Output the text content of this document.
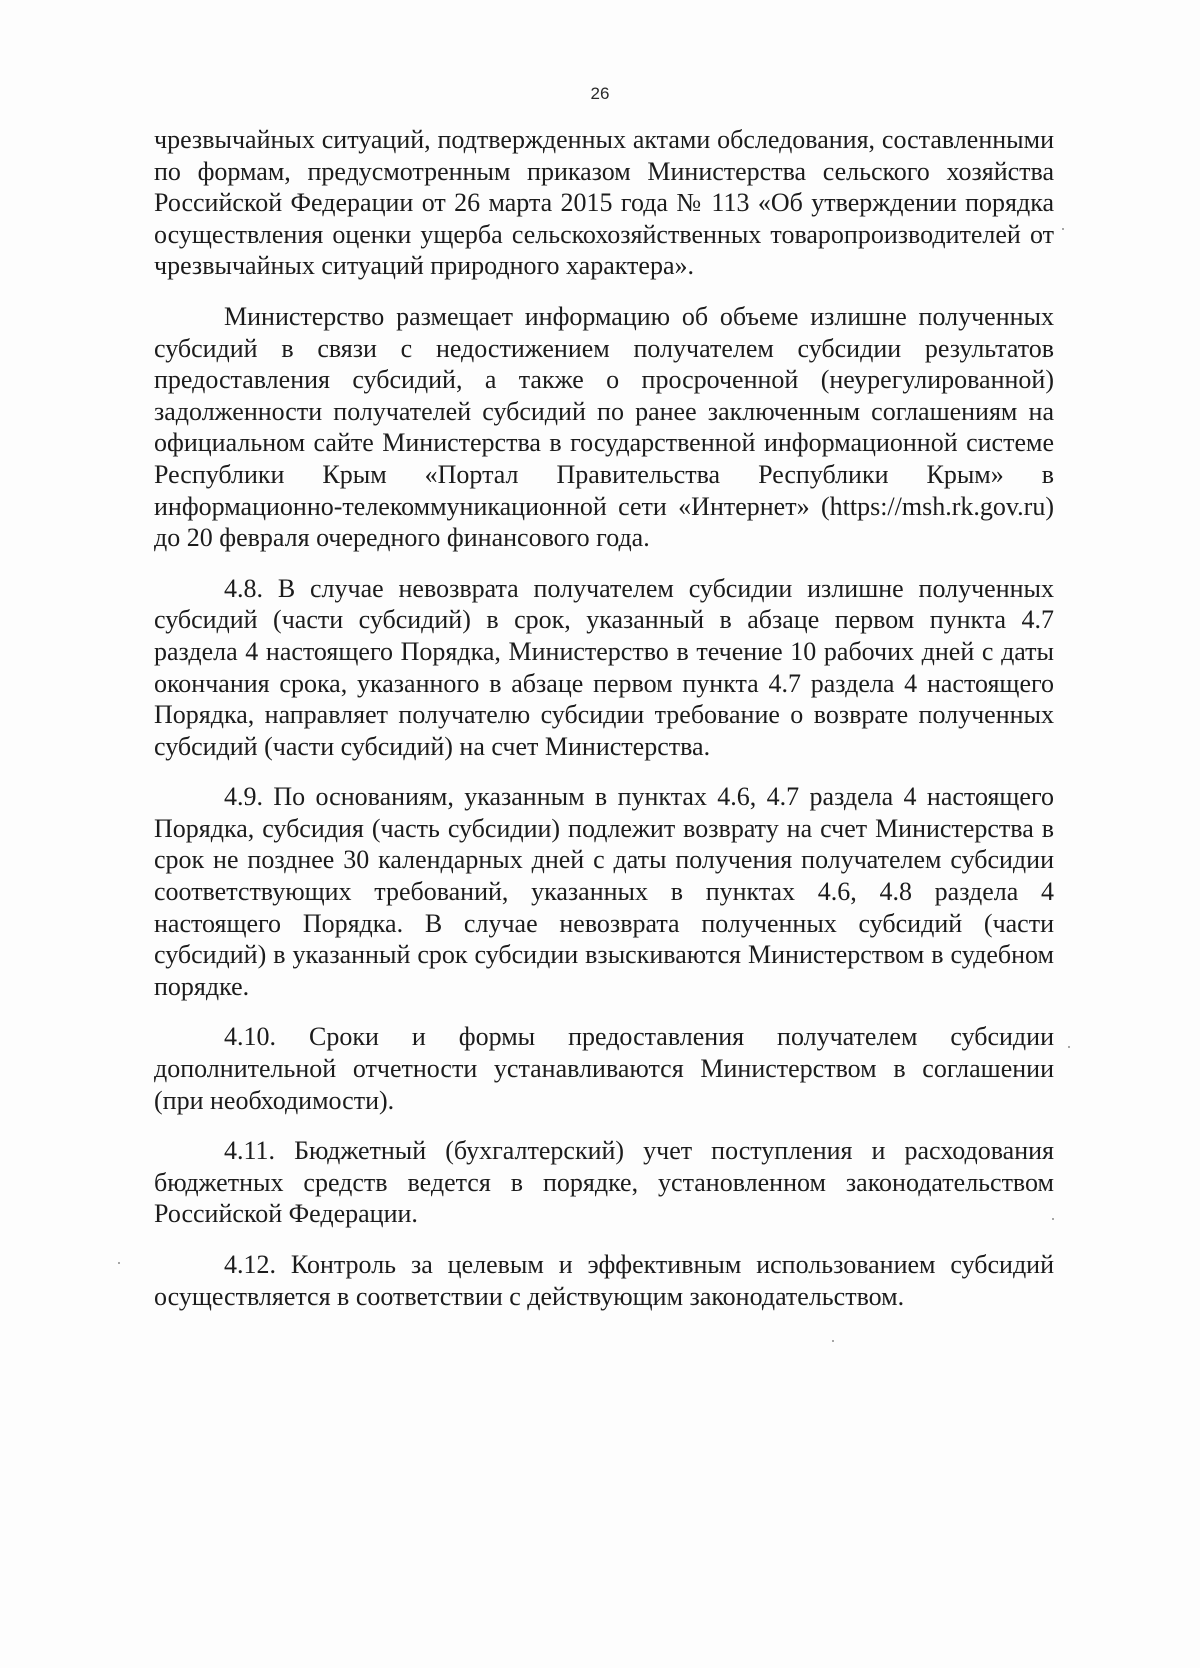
26

чрезвычайных ситуаций, подтвержденных актами обследования, составленными по формам, предусмотренным приказом Министерства сельского хозяйства Российской Федерации от 26 марта 2015 года № 113 «Об утверждении порядка осуществления оценки ущерба сельскохозяйственных товаропроизводителей от чрезвычайных ситуаций природного характера».

Министерство размещает информацию об объеме излишне полученных субсидий в связи с недостижением получателем субсидии результатов предоставления субсидий, а также о просроченной (неурегулированной) задолженности получателей субсидий по ранее заключенным соглашениям на официальном сайте Министерства в государственной информационной системе Республики Крым «Портал Правительства Республики Крым» в информационно-телекоммуникационной сети «Интернет» (https://msh.rk.gov.ru) до 20 февраля очередного финансового года.

4.8. В случае невозврата получателем субсидии излишне полученных субсидий (части субсидий) в срок, указанный в абзаце первом пункта 4.7 раздела 4 настоящего Порядка, Министерство в течение 10 рабочих дней с даты окончания срока, указанного в абзаце первом пункта 4.7 раздела 4 настоящего Порядка, направляет получателю субсидии требование о возврате полученных субсидий (части субсидий) на счет Министерства.

4.9. По основаниям, указанным в пунктах 4.6, 4.7 раздела 4 настоящего Порядка, субсидия (часть субсидии) подлежит возврату на счет Министерства в срок не позднее 30 календарных дней с даты получения получателем субсидии соответствующих требований, указанных в пунктах 4.6, 4.8 раздела 4 настоящего Порядка. В случае невозврата полученных субсидий (части субсидий) в указанный срок субсидии взыскиваются Министерством в судебном порядке.

4.10. Сроки и формы предоставления получателем субсидии дополнительной отчетности устанавливаются Министерством в соглашении (при необходимости).

4.11. Бюджетный (бухгалтерский) учет поступления и расходования бюджетных средств ведется в порядке, установленном законодательством Российской Федерации.

4.12. Контроль за целевым и эффективным использованием субсидий осуществляется в соответствии с действующим законодательством.
